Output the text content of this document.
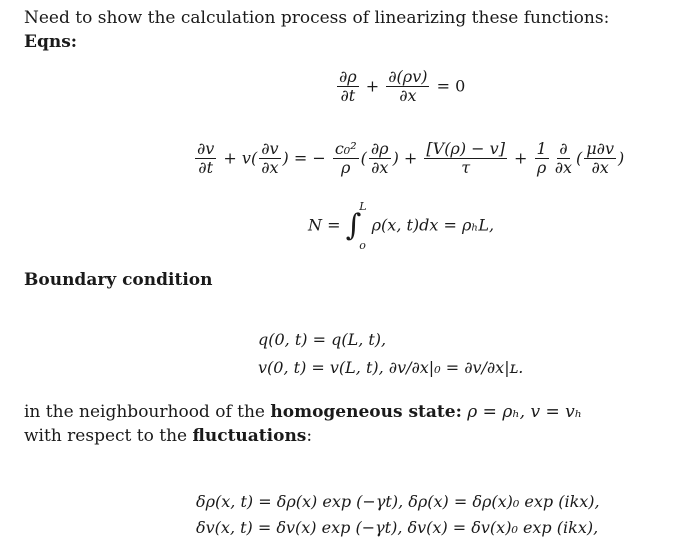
Need to show the calculation process of linearizing these functions:
Eqns:
$\frac{\partial\rho}{\partial t} + \frac{\partial(\rho v)}{\partial x} = 0$
$\frac{\partial v}{\partial t} + v( \frac{\partial v}{\partial x}$ ) = − $\frac{\text{c₀²}}{\rho}$ ( $\frac{\partial\rho}{\partial x}$ ) + $\frac{[V(\rho) - v]}{\tau} + \frac{1}{\rho} \frac{\partial}{\partial x}$ ( $\frac{\mu\partial v}{\partial x}$ )
N = ∫
L
o
ρ(x, t)dx = ρₕL,
Boundary condition
q(0, t) = q(L, t),
v(0, t) = v(L, t), ∂v/∂x|₀ = ∂v/∂x|ʟ.
in the neighbourhood of the homogeneous state: ρ = ρₕ, v = vₕ
with respect to the fluctuations:
δρ(x, t) = δρ(x) exp (−γt), δρ(x) = δρ(x)₀ exp (ikx),
δv(x, t) = δv(x) exp (−γt), δv(x) = δv(x)₀ exp (ikx),
